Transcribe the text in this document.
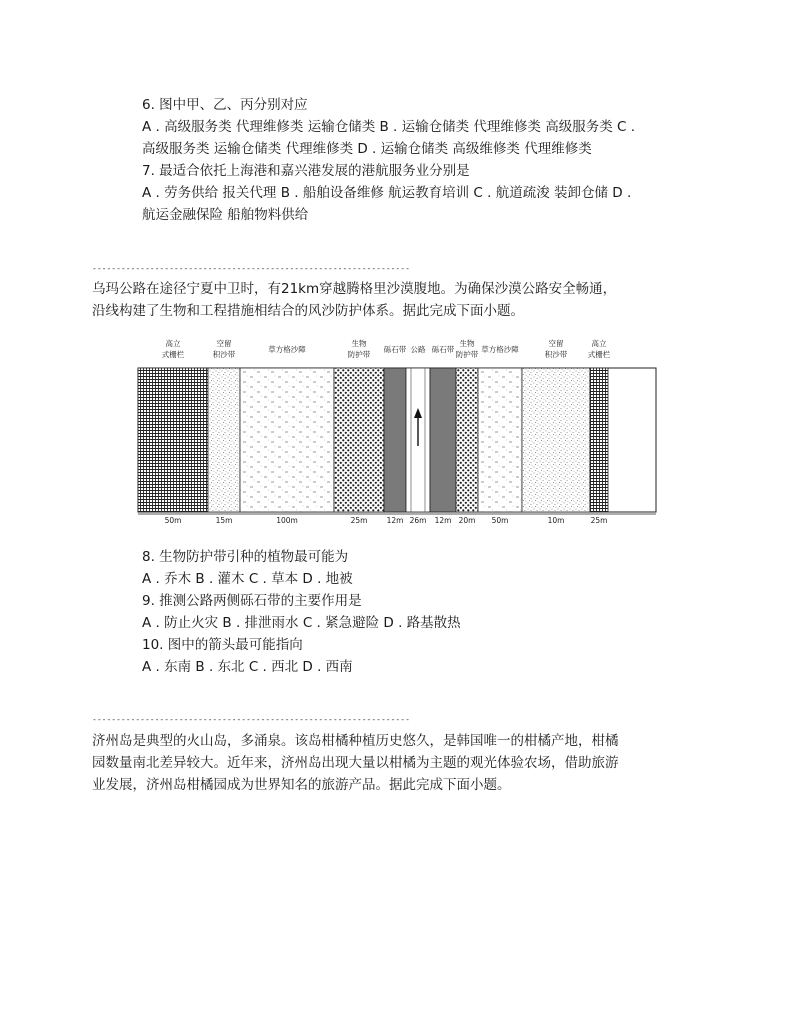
6. 图中甲、乙、丙分别对应
A . 高级服务类 代理维修类 运输仓储类 B . 运输仓储类 代理维修类 高级服务类 C .
高级服务类 运输仓储类 代理维修类 D . 运输仓储类 高级维修类 代理维修类
7. 最适合依托上海港和嘉兴港发展的港航服务业分别是
A . 劳务供给 报关代理 B . 船舶设备维修 航运教育培训 C . 航道疏浚 装卸仓储 D .
航运金融保险 船舶物料供给
------------------------------------------------------------------
乌玛公路在途径宁夏中卫时，有21km穿越腾格里沙漠腹地。为确保沙漠公路安全畅通，
沿线构建了生物和工程措施相结合的风沙防护体系。据此完成下面小题。
高立
式栅栏
50m
空留
积沙带
15m
草方格沙障
100m
生物
防护带
25m
砾石带
12m
公路
26m
砾石带
12m
生物
防护带
20m
草方格沙障
50m
空留
积沙带
10m
高立
式栅栏
25m
8. 生物防护带引种的植物最可能为
A . 乔木 B . 灌木 C . 草本 D . 地被
9. 推测公路两侧砾石带的主要作用是
A . 防止火灾 B . 排泄雨水 C . 紧急避险 D . 路基散热
10. 图中的箭头最可能指向
A . 东南 B . 东北 C . 西北 D . 西南
------------------------------------------------------------------
济州岛是典型的火山岛，多涌泉。该岛柑橘种植历史悠久，是韩国唯一的柑橘产地，柑橘
园数量南北差异较大。近年来，济州岛出现大量以柑橘为主题的观光体验农场，借助旅游
业发展，济州岛柑橘园成为世界知名的旅游产品。据此完成下面小题。
